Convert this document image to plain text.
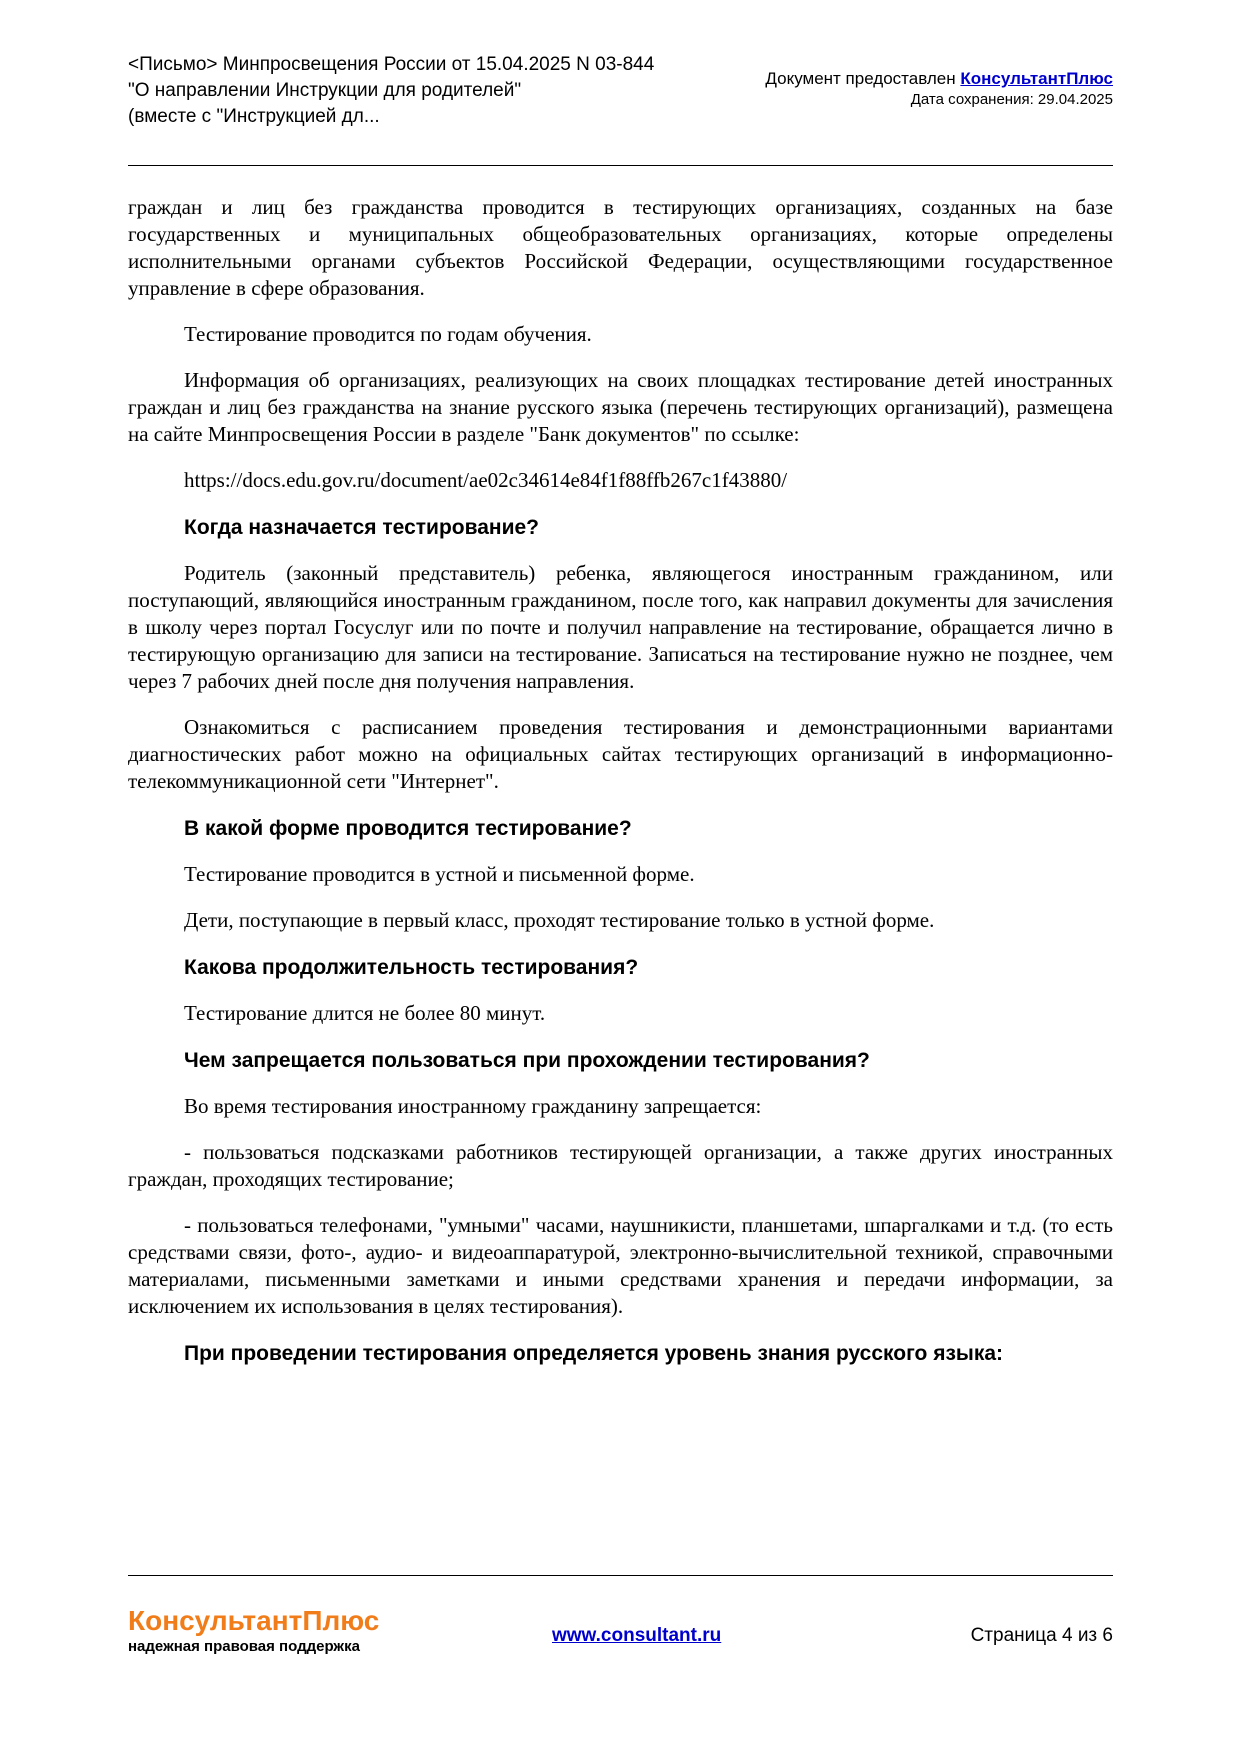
<Письмо> Минпросвещения России от 15.04.2025 N 03-844
"О направлении Инструкции для родителей"
(вместе с "Инструкцией дл...
Документ предоставлен КонсультантПлюс
Дата сохранения: 29.04.2025

граждан и лиц без гражданства проводится в тестирующих организациях, созданных на базе государственных и муниципальных общеобразовательных организациях, которые определены исполнительными органами субъектов Российской Федерации, осуществляющими государственное управление в сфере образования.

Тестирование проводится по годам обучения.

Информация об организациях, реализующих на своих площадках тестирование детей иностранных граждан и лиц без гражданства на знание русского языка (перечень тестирующих организаций), размещена на сайте Минпросвещения России в разделе "Банк документов" по ссылке:

https://docs.edu.gov.ru/document/ae02c34614e84f1f88ffb267c1f43880/

Когда назначается тестирование?

Родитель (законный представитель) ребенка, являющегося иностранным гражданином, или поступающий, являющийся иностранным гражданином, после того, как направил документы для зачисления в школу через портал Госуслуг или по почте и получил направление на тестирование, обращается лично в тестирующую организацию для записи на тестирование. Записаться на тестирование нужно не позднее, чем через 7 рабочих дней после дня получения направления.

Ознакомиться с расписанием проведения тестирования и демонстрационными вариантами диагностических работ можно на официальных сайтах тестирующих организаций в информационно-телекоммуникационной сети "Интернет".

В какой форме проводится тестирование?

Тестирование проводится в устной и письменной форме.

Дети, поступающие в первый класс, проходят тестирование только в устной форме.

Какова продолжительность тестирования?

Тестирование длится не более 80 минут.

Чем запрещается пользоваться при прохождении тестирования?

Во время тестирования иностранному гражданину запрещается:

- пользоваться подсказками работников тестирующей организации, а также других иностранных граждан, проходящих тестирование;

- пользоваться телефонами, "умными" часами, наушникисти, планшетами, шпаргалками и т.д. (то есть средствами связи, фото-, аудио- и видеоаппаратурой, электронно-вычислительной техникой, справочными материалами, письменными заметками и иными средствами хранения и передачи информации, за исключением их использования в целях тестирования).

При проведении тестирования определяется уровень знания русского языка:
КонсультантПлюс
надежная правовая поддержка
www.consultant.ru	Страница 4 из 6
